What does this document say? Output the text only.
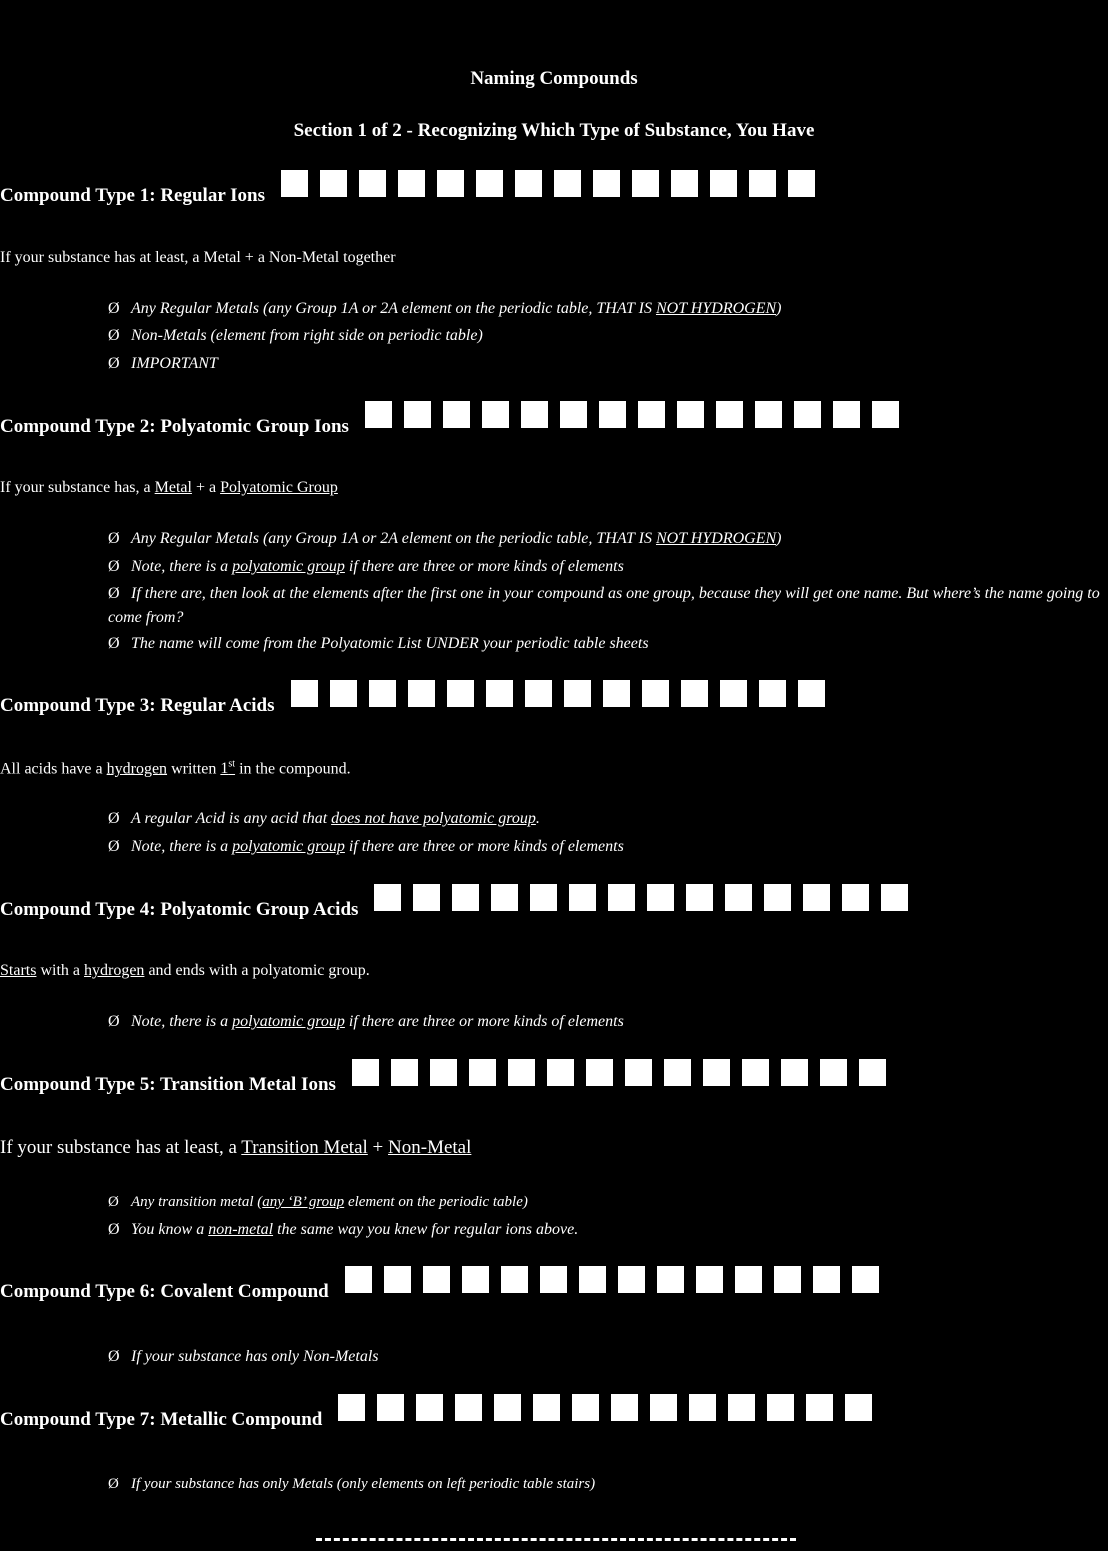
Naming Compounds
Section 1 of 2 - Recognizing Which Type of Substance, You Have
Compound Type 1: Regular Ions
If your substance has at least, a Metal + a Non-Metal together
Ø Any Regular Metals (any Group 1A or 2A element on the periodic table, THAT IS NOT HYDROGEN)
Ø Non-Metals (element from right side on periodic table)
Ø IMPORTANT
Compound Type 2: Polyatomic Group Ions
If your substance has, a Metal + a Polyatomic Group
Ø Any Regular Metals (any Group 1A or 2A element on the periodic table, THAT IS NOT HYDROGEN)
Ø Note, there is a polyatomic group if there are three or more kinds of elements
Ø If there are, then look at the elements after the first one in your compound as one group, because they will get one name. But where’s the name going to come from?
Ø The name will come from the Polyatomic List UNDER your periodic table sheets
Compound Type 3: Regular Acids
All acids have a hydrogen written 1st in the compound.
Ø A regular Acid is any acid that does not have polyatomic group.
Ø Note, there is a polyatomic group if there are three or more kinds of elements
Compound Type 4: Polyatomic Group Acids
Starts with a hydrogen and ends with a polyatomic group.
Ø Note, there is a polyatomic group if there are three or more kinds of elements
Compound Type 5: Transition Metal Ions
If your substance has at least, a Transition Metal + Non-Metal
Ø Any transition metal (any ‘B’ group element on the periodic table)
Ø You know a non-metal the same way you knew for regular ions above.
Compound Type 6: Covalent Compound
Ø If your substance has only Non-Metals
Compound Type 7: Metallic Compound
Ø If your substance has only Metals (only elements on left periodic table stairs)
